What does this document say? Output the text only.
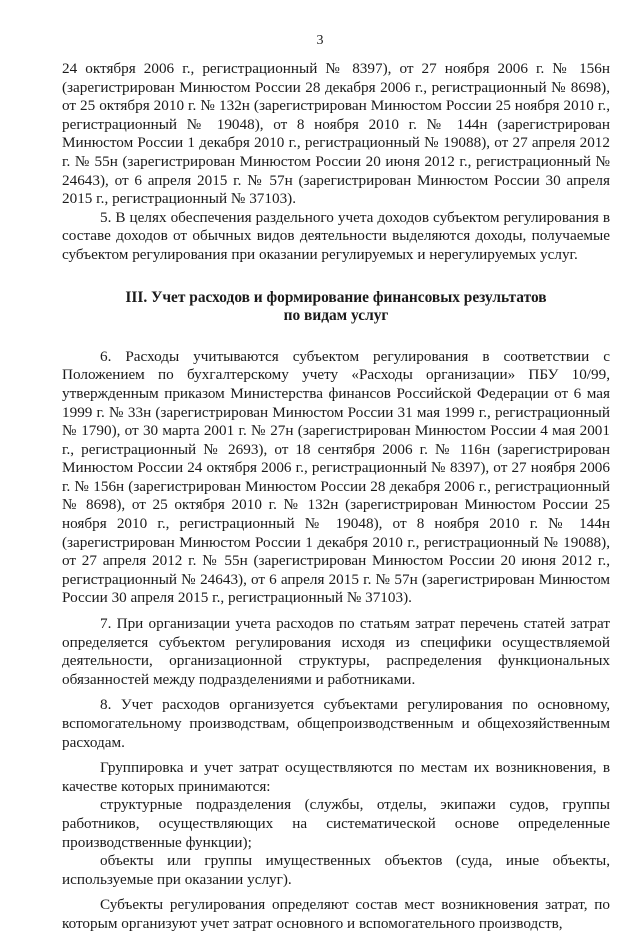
3

24 октября 2006 г., регистрационный № 8397), от 27 ноября 2006 г. № 156н (зарегистрирован Минюстом России 28 декабря 2006 г., регистрационный № 8698), от 25 октября 2010 г. № 132н (зарегистрирован Минюстом России 25 ноября 2010 г., регистрационный № 19048), от 8 ноября 2010 г. № 144н (зарегистрирован Минюстом России 1 декабря 2010 г., регистрационный № 19088), от 27 апреля 2012 г. № 55н (зарегистрирован Минюстом России 20 июня 2012 г., регистрационный № 24643), от 6 апреля 2015 г. № 57н (зарегистрирован Минюстом России 30 апреля 2015 г., регистрационный № 37103).

5. В целях обеспечения раздельного учета доходов субъектом регулирования в составе доходов от обычных видов деятельности выделяются доходы, получаемые субъектом регулирования при оказании регулируемых и нерегулируемых услуг.

III. Учет расходов и формирование финансовых результатов
по видам услуг

6. Расходы учитываются субъектом регулирования в соответствии с Положением по бухгалтерскому учету «Расходы организации» ПБУ 10/99, утвержденным приказом Министерства финансов Российской Федерации от 6 мая 1999 г. № 33н (зарегистрирован Минюстом России 31 мая 1999 г., регистрационный № 1790), от 30 марта 2001 г. № 27н (зарегистрирован Минюстом России 4 мая 2001 г., регистрационный № 2693), от 18 сентября 2006 г. № 116н (зарегистрирован Минюстом России 24 октября 2006 г., регистрационный № 8397), от 27 ноября 2006 г. № 156н (зарегистрирован Минюстом России 28 декабря 2006 г., регистрационный № 8698), от 25 октября 2010 г. № 132н (зарегистрирован Минюстом России 25 ноября 2010 г., регистрационный № 19048), от 8 ноября 2010 г. № 144н (зарегистрирован Минюстом России 1 декабря 2010 г., регистрационный № 19088), от 27 апреля 2012 г. № 55н (зарегистрирован Минюстом России 20 июня 2012 г., регистрационный № 24643), от 6 апреля 2015 г. № 57н (зарегистрирован Минюстом России 30 апреля 2015 г., регистрационный № 37103).

7. При организации учета расходов по статьям затрат перечень статей затрат определяется субъектом регулирования исходя из специфики осуществляемой деятельности, организационной структуры, распределения функциональных обязанностей между подразделениями и работниками.

8. Учет расходов организуется субъектами регулирования по основному, вспомогательному производствам, общепроизводственным и общехозяйственным расходам.

Группировка и учет затрат осуществляются по местам их возникновения, в качестве которых принимаются:

структурные подразделения (службы, отделы, экипажи судов, группы работников, осуществляющих на систематической основе определенные производственные функции);

объекты или группы имущественных объектов (суда, иные объекты, используемые при оказании услуг).

Субъекты регулирования определяют состав мест возникновения затрат, по которым организуют учет затрат основного и вспомогательного производств,
